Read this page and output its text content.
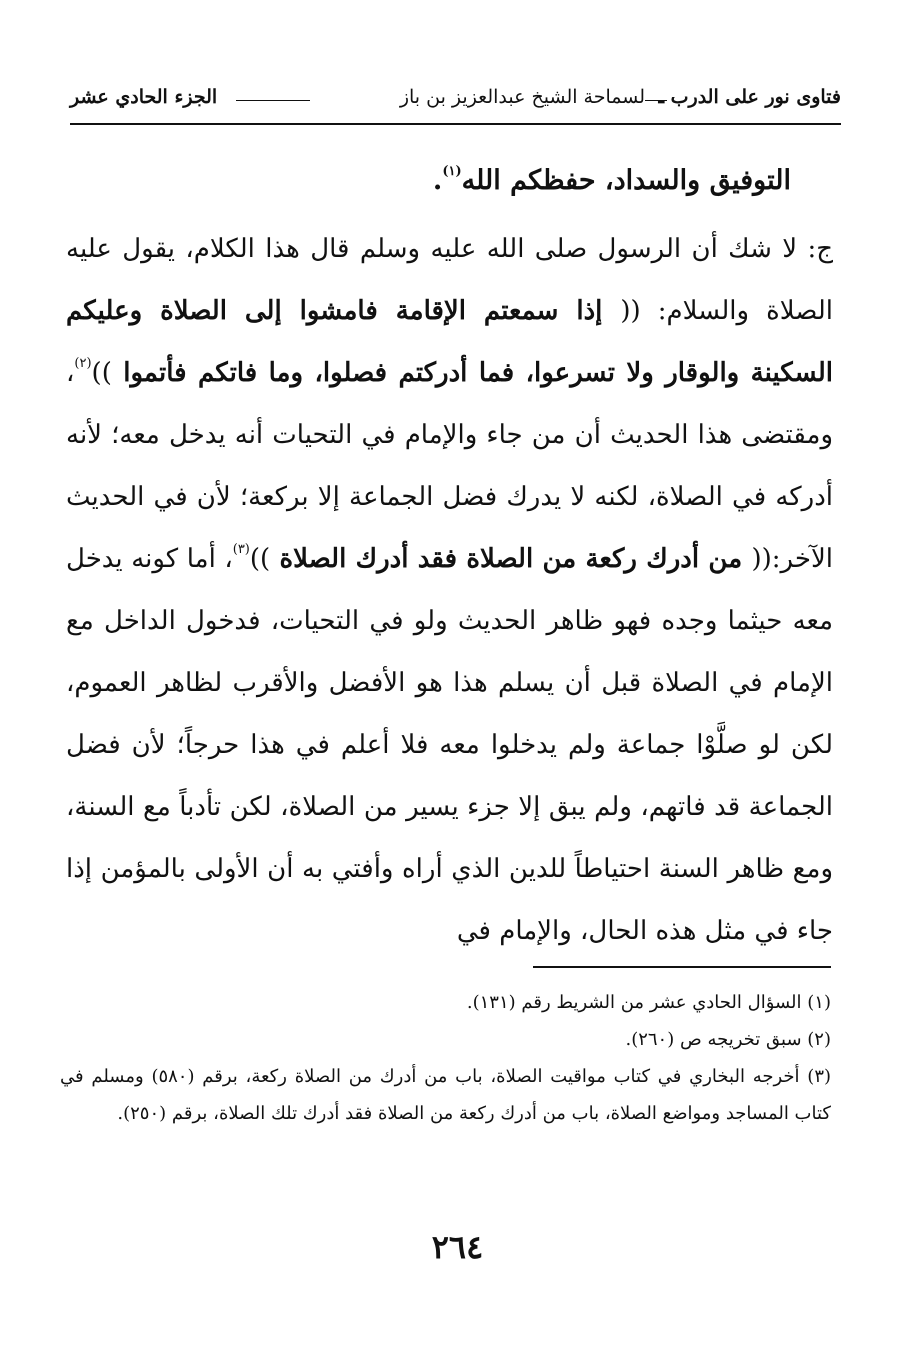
فتاوى نور على الدرب ـ
لسماحة الشيخ عبدالعزيز بن باز
الجزء الحادي عشر

التوفيق والسداد، حفظكم الله$^{(١)}$.

ج: لا شك أن الرسول صلى الله عليه وسلم قال هذا الكلام، يقول عليه الصلاة والسلام: (( إذا سمعتم الإقامة فامشوا إلى الصلاة وعليكم السكينة والوقار ولا تسرعوا، فما أدركتم فصلوا، وما فاتكم فأتموا ))$^{(٢)}$، ومقتضى هذا الحديث أن من جاء والإمام في التحيات أنه يدخل معه؛ لأنه أدركه في الصلاة، لكنه لا يدرك فضل الجماعة إلا بركعة؛ لأن في الحديث الآخر:(( من أدرك ركعة من الصلاة فقد أدرك الصلاة ))$^{(٣)}$، أما كونه يدخل معه حيثما وجده فهو ظاهر الحديث ولو في التحيات، فدخول الداخل مع الإمام في الصلاة قبل أن يسلم هذا هو الأفضل والأقرب لظاهر العموم، لكن لو صلَّوْا جماعة ولم يدخلوا معه فلا أعلم في هذا حرجاً؛ لأن فضل الجماعة قد فاتهم، ولم يبق إلا جزء يسير من الصلاة، لكن تأدباً مع السنة، ومع ظاهر السنة احتياطاً للدين الذي أراه وأفتي به أن الأولى بالمؤمن إذا جاء في مثل هذه الحال، والإمام في

(١) السؤال الحادي عشر من الشريط رقم (١٣١).

(٢) سبق تخريجه ص (٢٦٠).

(٣) أخرجه البخاري في كتاب مواقيت الصلاة، باب من أدرك من الصلاة ركعة، برقم (٥٨٠) ومسلم في كتاب المساجد ومواضع الصلاة، باب من أدرك ركعة من الصلاة فقد أدرك تلك الصلاة، برقم (٢٥٠).

٢٦٤
